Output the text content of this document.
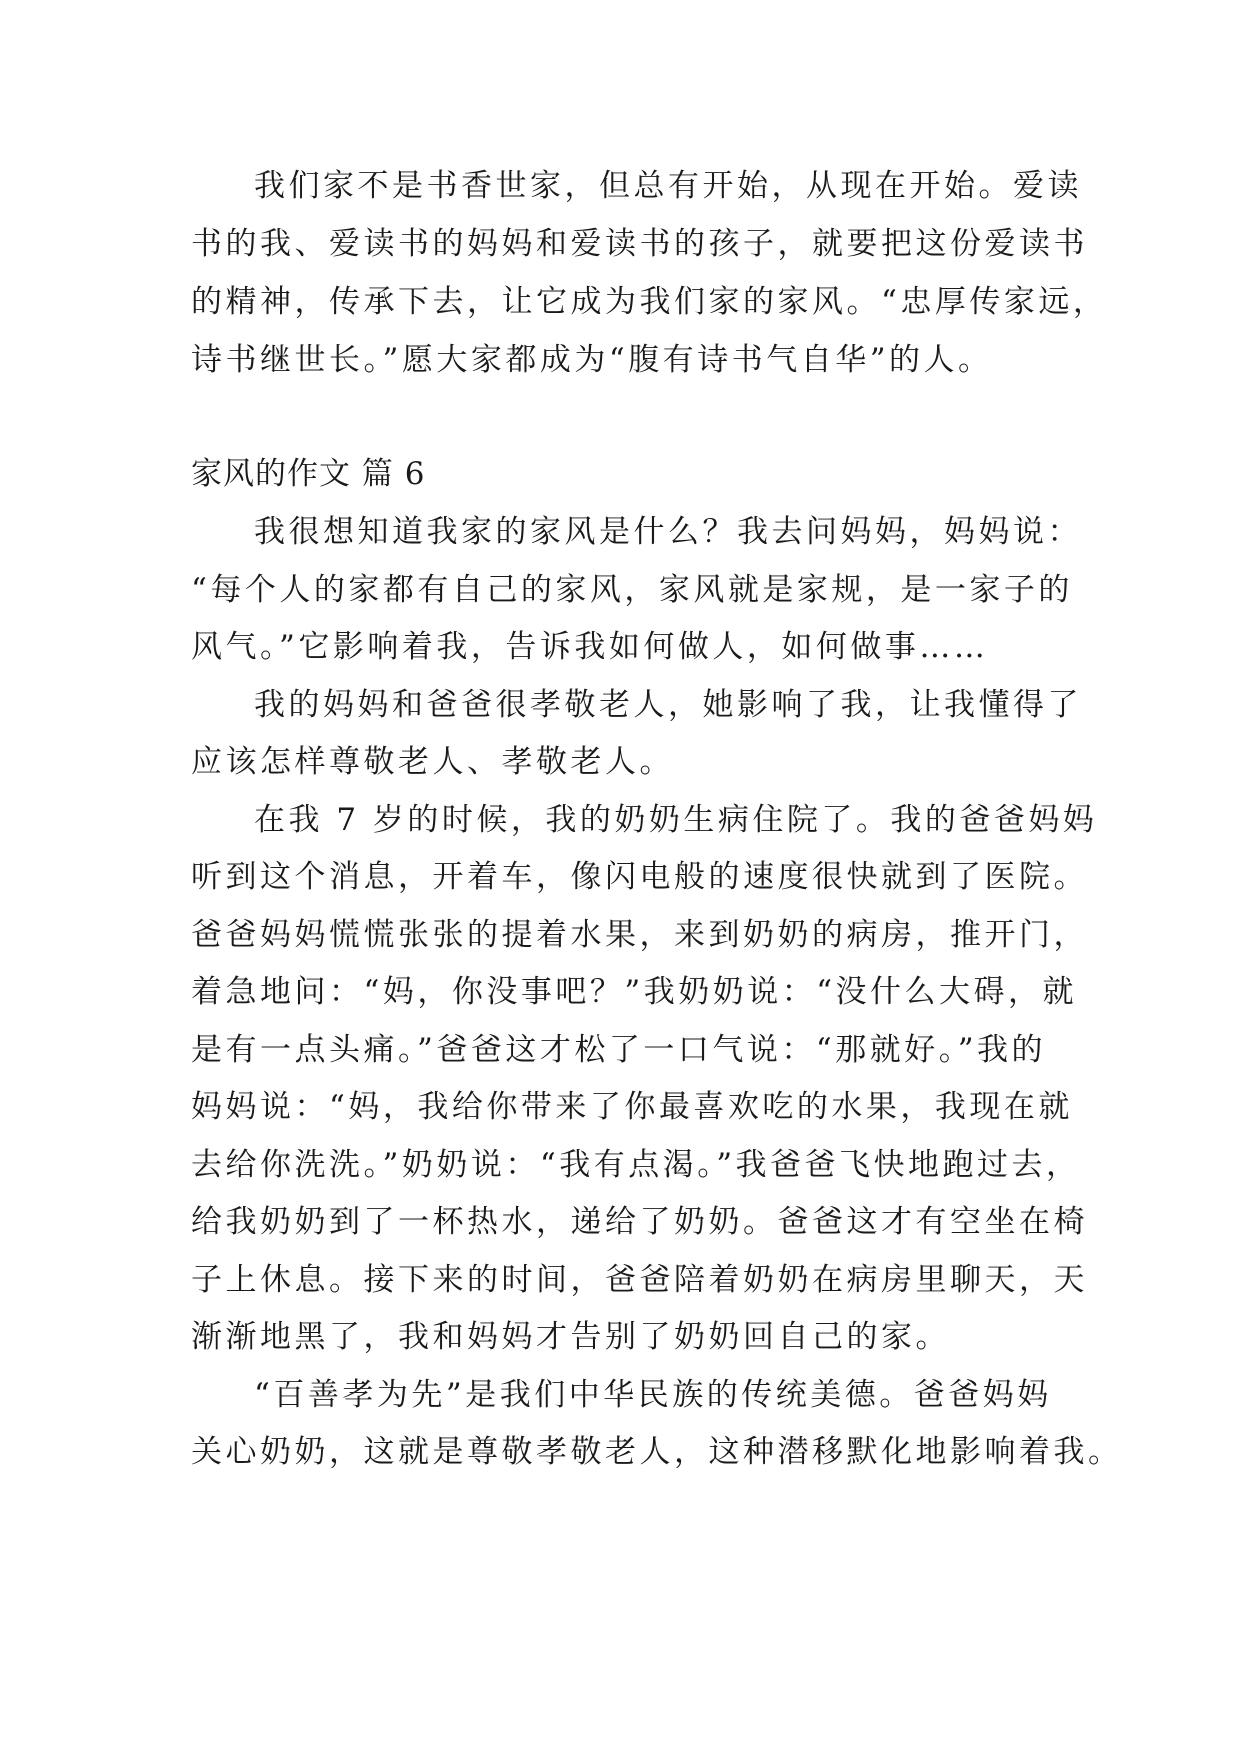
我们家不是书香世家，但总有开始，从现在开始。爱读
书的我、爱读书的妈妈和爱读书的孩子，就要把这份爱读书
的精神，传承下去，让它成为我们家的家风。“忠厚传家远，
诗书继世长。”愿大家都成为“腹有诗书气自华”的人。
家风的作文 篇 6
我很想知道我家的家风是什么？我去问妈妈，妈妈说：
“每个人的家都有自己的家风，家风就是家规，是一家子的
风气。”它影响着我，告诉我如何做人，如何做事……
我的妈妈和爸爸很孝敬老人，她影响了我，让我懂得了
应该怎样尊敬老人、孝敬老人。
在我 7 岁的时候，我的奶奶生病住院了。我的爸爸妈妈
听到这个消息，开着车，像闪电般的速度很快就到了医院。
爸爸妈妈慌慌张张的提着水果，来到奶奶的病房，推开门，
着急地问：“妈，你没事吧？”我奶奶说：“没什么大碍，就
是有一点头痛。”爸爸这才松了一口气说：“那就好。”我的
妈妈说：“妈，我给你带来了你最喜欢吃的水果，我现在就
去给你洗洗。”奶奶说：“我有点渴。”我爸爸飞快地跑过去，
给我奶奶到了一杯热水，递给了奶奶。爸爸这才有空坐在椅
子上休息。接下来的时间，爸爸陪着奶奶在病房里聊天，天
渐渐地黑了，我和妈妈才告别了奶奶回自己的家。
“百善孝为先”是我们中华民族的传统美德。爸爸妈妈
关心奶奶，这就是尊敬孝敬老人，这种潜移默化地影响着我。
